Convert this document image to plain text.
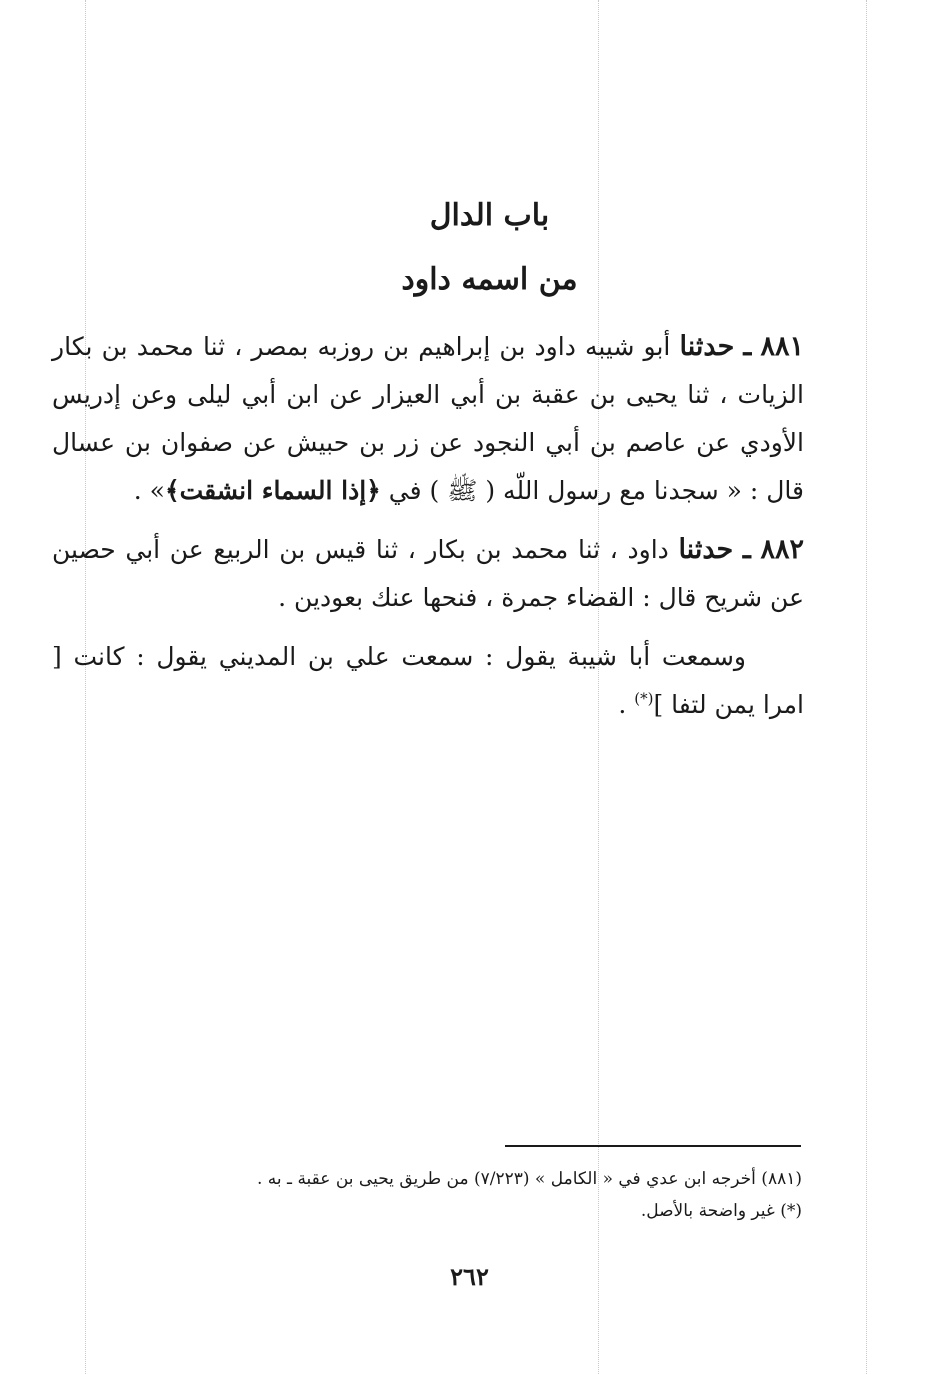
باب الدال
من اسمه داود

٨٨١ ـ حدثنا أبو شيبه داود بن إبراهيم بن روزبه بمصر ، ثنا محمد بن بكار الزيات ، ثنا يحيى بن عقبة بن أبي العيزار عن ابن أبي ليلى وعن إدريس الأودي عن عاصم بن أبي النجود عن زر بن حبيش عن صفوان بن عسال قال : « سجدنا مع رسول اللّه ( ﷺ ) في ﴿إذا السماء انشقت﴾» .

٨٨٢ ـ حدثنا داود ، ثنا محمد بن بكار ، ثنا قيس بن الربيع عن أبي حصين عن شريح قال : القضاء جمرة ، فنحها عنك بعودين .

وسمعت أبا شيبة يقول : سمعت علي بن المديني يقول : كانت [ امرا يمن لتفا ](*) .

(٨٨١) أخرجه ابن عدي في « الكامل » (٧/٢٢٣) من طريق يحيى بن عقبة ـ به .

(*) غير واضحة بالأصل.

٢٦٢
